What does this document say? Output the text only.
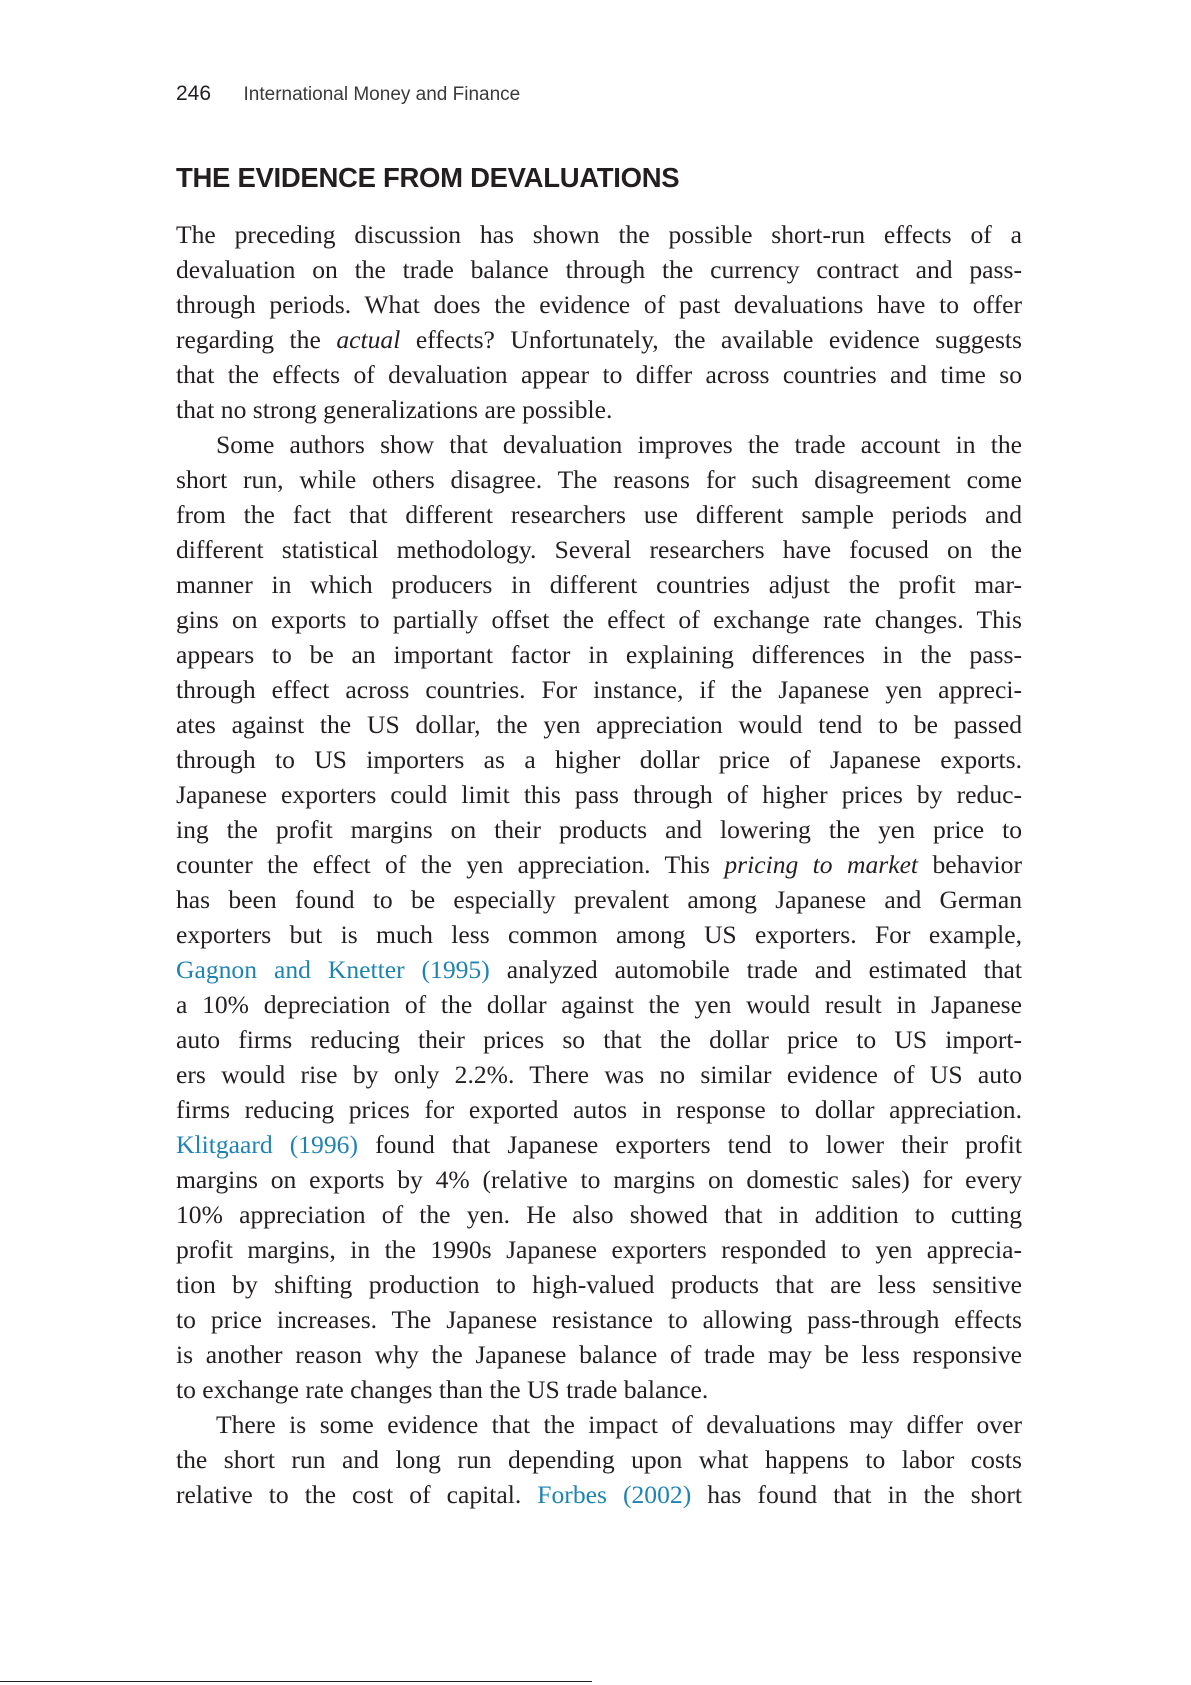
246 International Money and Finance
THE EVIDENCE FROM DEVALUATIONS
The preceding discussion has shown the possible short-run effects of a
devaluation on the trade balance through the currency contract and pass-
through periods. What does the evidence of past devaluations have to offer
regarding the actual effects? Unfortunately, the available evidence suggests
that the effects of devaluation appear to differ across countries and time so
that no strong generalizations are possible.
Some authors show that devaluation improves the trade account in the
short run, while others disagree. The reasons for such disagreement come
from the fact that different researchers use different sample periods and
different statistical methodology. Several researchers have focused on the
manner in which producers in different countries adjust the profit mar-
gins on exports to partially offset the effect of exchange rate changes. This
appears to be an important factor in explaining differences in the pass-
through effect across countries. For instance, if the Japanese yen appreci-
ates against the US dollar, the yen appreciation would tend to be passed
through to US importers as a higher dollar price of Japanese exports.
Japanese exporters could limit this pass through of higher prices by reduc-
ing the profit margins on their products and lowering the yen price to
counter the effect of the yen appreciation. This pricing to market behavior
has been found to be especially prevalent among Japanese and German
exporters but is much less common among US exporters. For example,
Gagnon and Knetter (1995) analyzed automobile trade and estimated that
a 10% depreciation of the dollar against the yen would result in Japanese
auto firms reducing their prices so that the dollar price to US import-
ers would rise by only 2.2%. There was no similar evidence of US auto
firms reducing prices for exported autos in response to dollar appreciation.
Klitgaard (1996) found that Japanese exporters tend to lower their profit
margins on exports by 4% (relative to margins on domestic sales) for every
10% appreciation of the yen. He also showed that in addition to cutting
profit margins, in the 1990s Japanese exporters responded to yen apprecia-
tion by shifting production to high-valued products that are less sensitive
to price increases. The Japanese resistance to allowing pass-through effects
is another reason why the Japanese balance of trade may be less responsive
to exchange rate changes than the US trade balance.
There is some evidence that the impact of devaluations may differ over
the short run and long run depending upon what happens to labor costs
relative to the cost of capital. Forbes (2002) has found that in the short
